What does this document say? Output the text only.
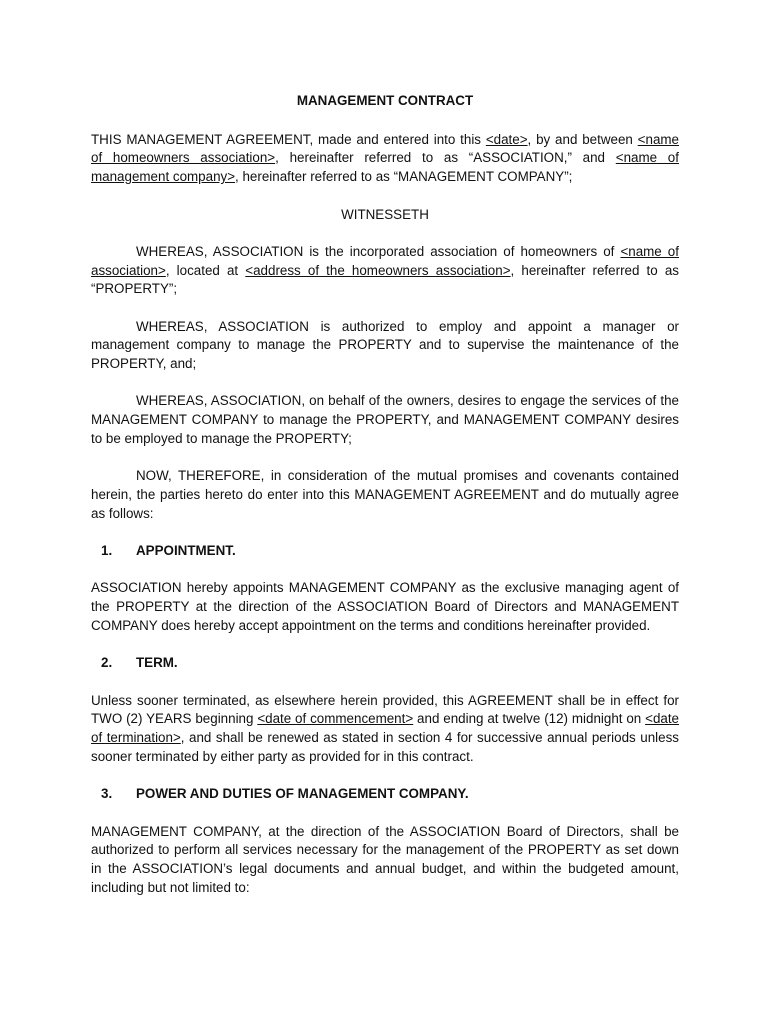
MANAGEMENT CONTRACT

THIS MANAGEMENT AGREEMENT, made and entered into this <date>, by and between <name of homeowners association>, hereinafter referred to as “ASSOCIATION,” and <name of management company>, hereinafter referred to as “MANAGEMENT COMPANY”;

WITNESSETH

WHEREAS, ASSOCIATION is the incorporated association of homeowners of <name of association>, located at <address of the homeowners association>, hereinafter referred to as “PROPERTY”;

WHEREAS, ASSOCIATION is authorized to employ and appoint a manager or management company to manage the PROPERTY and to supervise the maintenance of the PROPERTY, and;

WHEREAS, ASSOCIATION, on behalf of the owners, desires to engage the services of the MANAGEMENT COMPANY to manage the PROPERTY, and MANAGEMENT COMPANY desires to be employed to manage the PROPERTY;

NOW, THEREFORE, in consideration of the mutual promises and covenants contained herein, the parties hereto do enter into this MANAGEMENT AGREEMENT and do mutually agree as follows:

1.	APPOINTMENT.

ASSOCIATION hereby appoints MANAGEMENT COMPANY as the exclusive managing agent of the PROPERTY at the direction of the ASSOCIATION Board of Directors and MANAGEMENT COMPANY does hereby accept appointment on the terms and conditions hereinafter provided.

2.	TERM.

Unless sooner terminated, as elsewhere herein provided, this AGREEMENT shall be in effect for TWO (2) YEARS beginning <date of commencement> and ending at twelve (12) midnight on <date of termination>, and shall be renewed as stated in section 4 for successive annual periods unless sooner terminated by either party as provided for in this contract.

3.	POWER AND DUTIES OF MANAGEMENT COMPANY.

MANAGEMENT COMPANY, at the direction of the ASSOCIATION Board of Directors, shall be authorized to perform all services necessary for the management of the PROPERTY as set down in the ASSOCIATION’s legal documents and annual budget, and within the budgeted amount, including but not limited to:
